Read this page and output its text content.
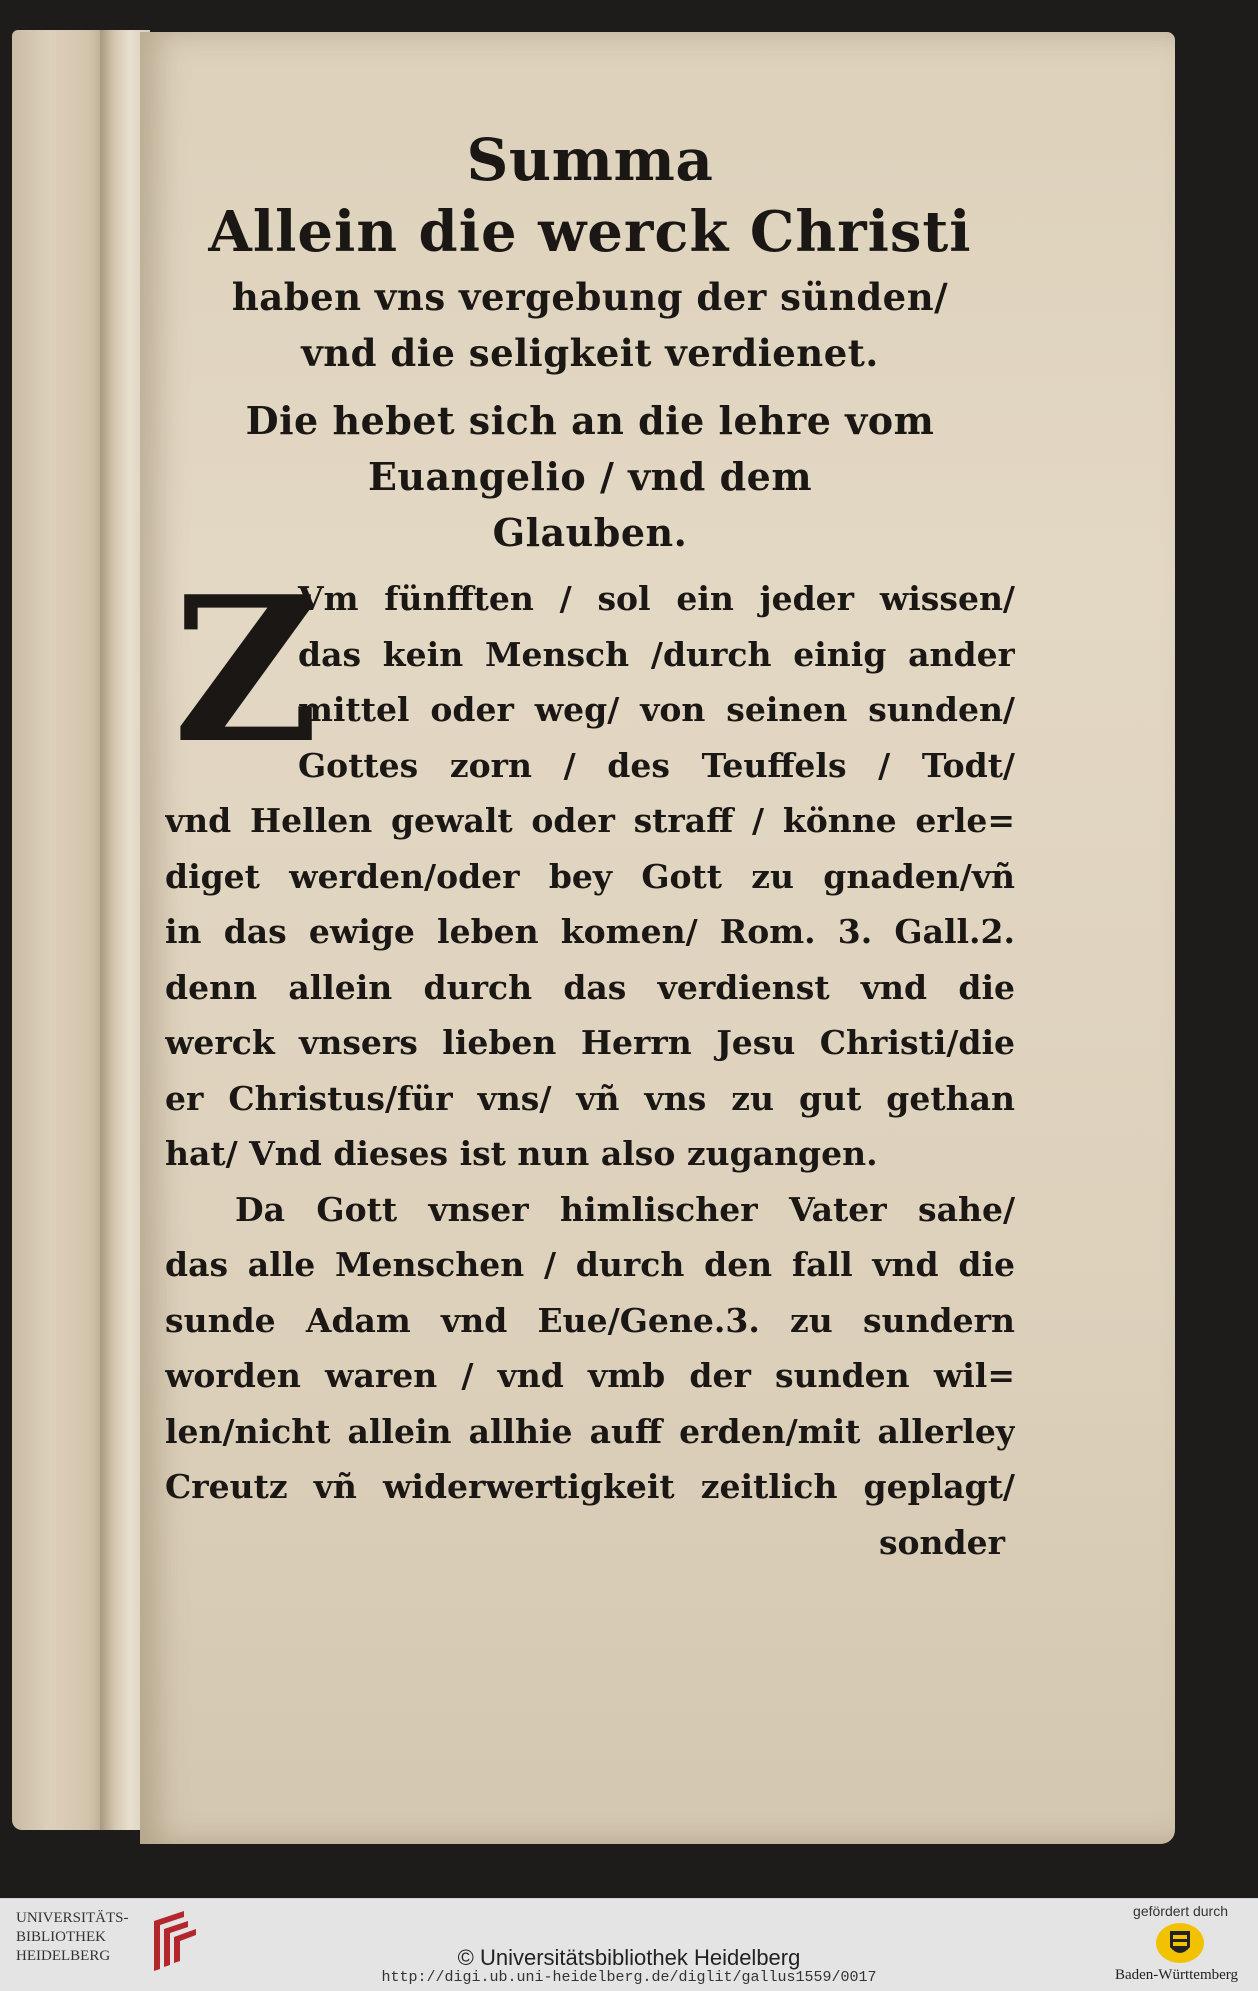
Summa
Allein die werck Christi
haben vns vergebung der sünden/
vnd die seligkeit verdienet.
Die hebet sich an die lehre vom
Euangelio / vnd dem
Glauben.
Z
Vm fünfften / sol ein jeder wissen/
das kein Mensch /durch einig ander
mittel oder weg/ von seinen sunden/
Gottes zorn / des Teuffels / Todt/
vnd Hellen gewalt oder straff / könne erle=
diget werden/oder bey Gott zu gnaden/vñ
in das ewige leben komen/ Rom. 3. Gall.2.
denn allein durch das verdienst vnd die
werck vnsers lieben Herrn Jesu Christi/die
er Christus/für vns/ vñ vns zu gut gethan
hat/ Vnd dieses ist nun also zugangen.
Da Gott vnser himlischer Vater sahe/
das alle Menschen / durch den fall vnd die
sunde Adam vnd Eue/Gene.3. zu sundern
worden waren / vnd vmb der sunden wil=
len/nicht allein allhie auff erden/mit allerley
Creutz vñ widerwertigkeit zeitlich geplagt/
sonder
UNIVERSITÄTS-
BIBLIOTHEK
HEIDELBERG	© Universitätsbibliothek Heidelberg
http://digi.ub.uni-heidelberg.de/diglit/gallus1559/0017
gefördert durch
Baden-Württemberg
